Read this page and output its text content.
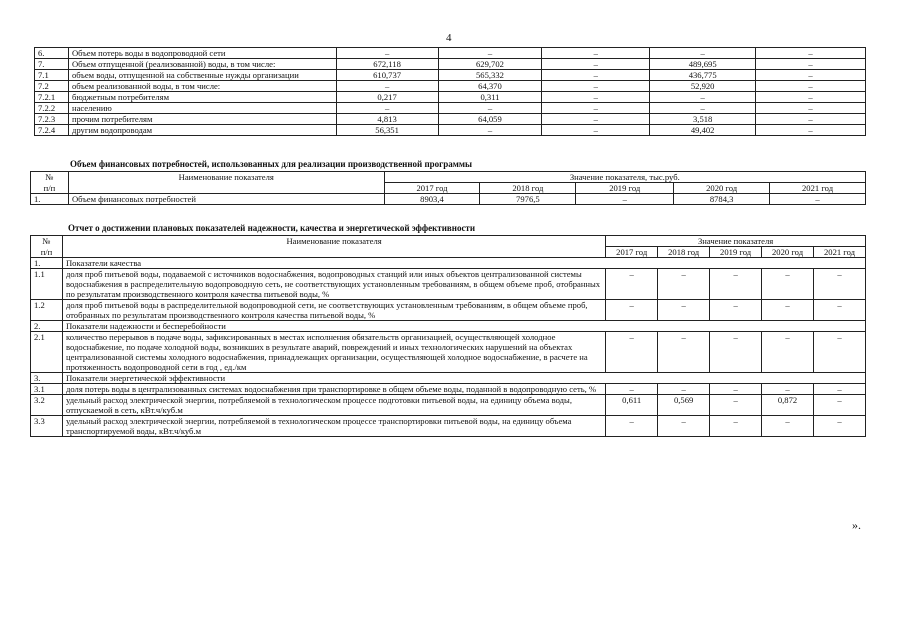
4
6.	Объем потерь воды в водопроводной сети	–	–	–	–	–
7.	Объем отпущенной (реализованной) воды, в том числе:	672,118	629,702	–	489,695	–
7.1	объем воды, отпущенной на собственные нужды организации	610,737	565,332	–	436,775	–
7.2	объем реализованной воды, в том числе:	–	64,370	–	52,920	–
7.2.1	бюджетным потребителям	0,217	0,311	–	–	–
7.2.2	населению	–	–	–	–	–
7.2.3	прочим потребителям	4,813	64,059	–	3,518	–
7.2.4	другим водопроводам	56,351	–	–	49,402	–
Объем финансовых потребностей, использованных для реализации производственной программы
№	Наименование показателя	Значение показателя, тыс.руб.				
п/п		2017 год	2018 год	2019 год	2020 год	2021 год
1.	Объем финансовых потребностей	8903,4	7976,5	–	8784,3	–
Отчет о достижении плановых показателей надежности, качества и энергетической эффективности
№	Наименование показателя	Значение показателя				
п/п		2017 год	2018 год	2019 год	2020 год	2021 год
1.	Показатели качества					
1.1	доля проб питьевой воды, подаваемой с источников водоснабжения, водопроводных станций или иных объектов централизованной системы водоснабжения в распределительную водопроводную сеть, не соответствующих установленным требованиям, в общем объеме проб, отобранных по результатам производственного контроля качества питьевой воды, %	–	–	–	–	–
1.2	доля проб питьевой воды в распределительной водопроводной сети, не соответствующих установленным требованиям, в общем объеме проб, отобранных по результатам производственного контроля качества питьевой воды, %	–	–	–	–	–
2.	Показатели надежности и бесперебойности					
2.1	количество перерывов в подаче воды, зафиксированных в местах исполнения обязательств организацией, осуществляющей холодное водоснабжение, по подаче холодной воды, возникших в результате аварий, повреждений и иных технологических нарушений на объектах централизованной системы холодного водоснабжения, принадлежащих организации, осуществляющей холодное водоснабжение, в расчете на протяженность водопроводной сети в год , ед./км	–	–	–	–	–
3.	Показатели энергетической эффективности					
3.1	доля потерь воды в централизованных системах водоснабжения при транспортировке в общем объеме воды, поданной в водопроводную сеть, %	–	–	–	–	–
3.2	удельный расход электрической энергии, потребляемой в технологическом процессе подготовки питьевой воды, на единицу объема воды, отпускаемой в сеть, кВт.ч/куб.м	0,611	0,569	–	0,872	–
3.3	удельный расход электрической энергии, потребляемой в технологическом процессе транспортировки питьевой воды, на единицу объема транспортируемой воды, кВт.ч/куб.м	–	–	–	–	–
».
